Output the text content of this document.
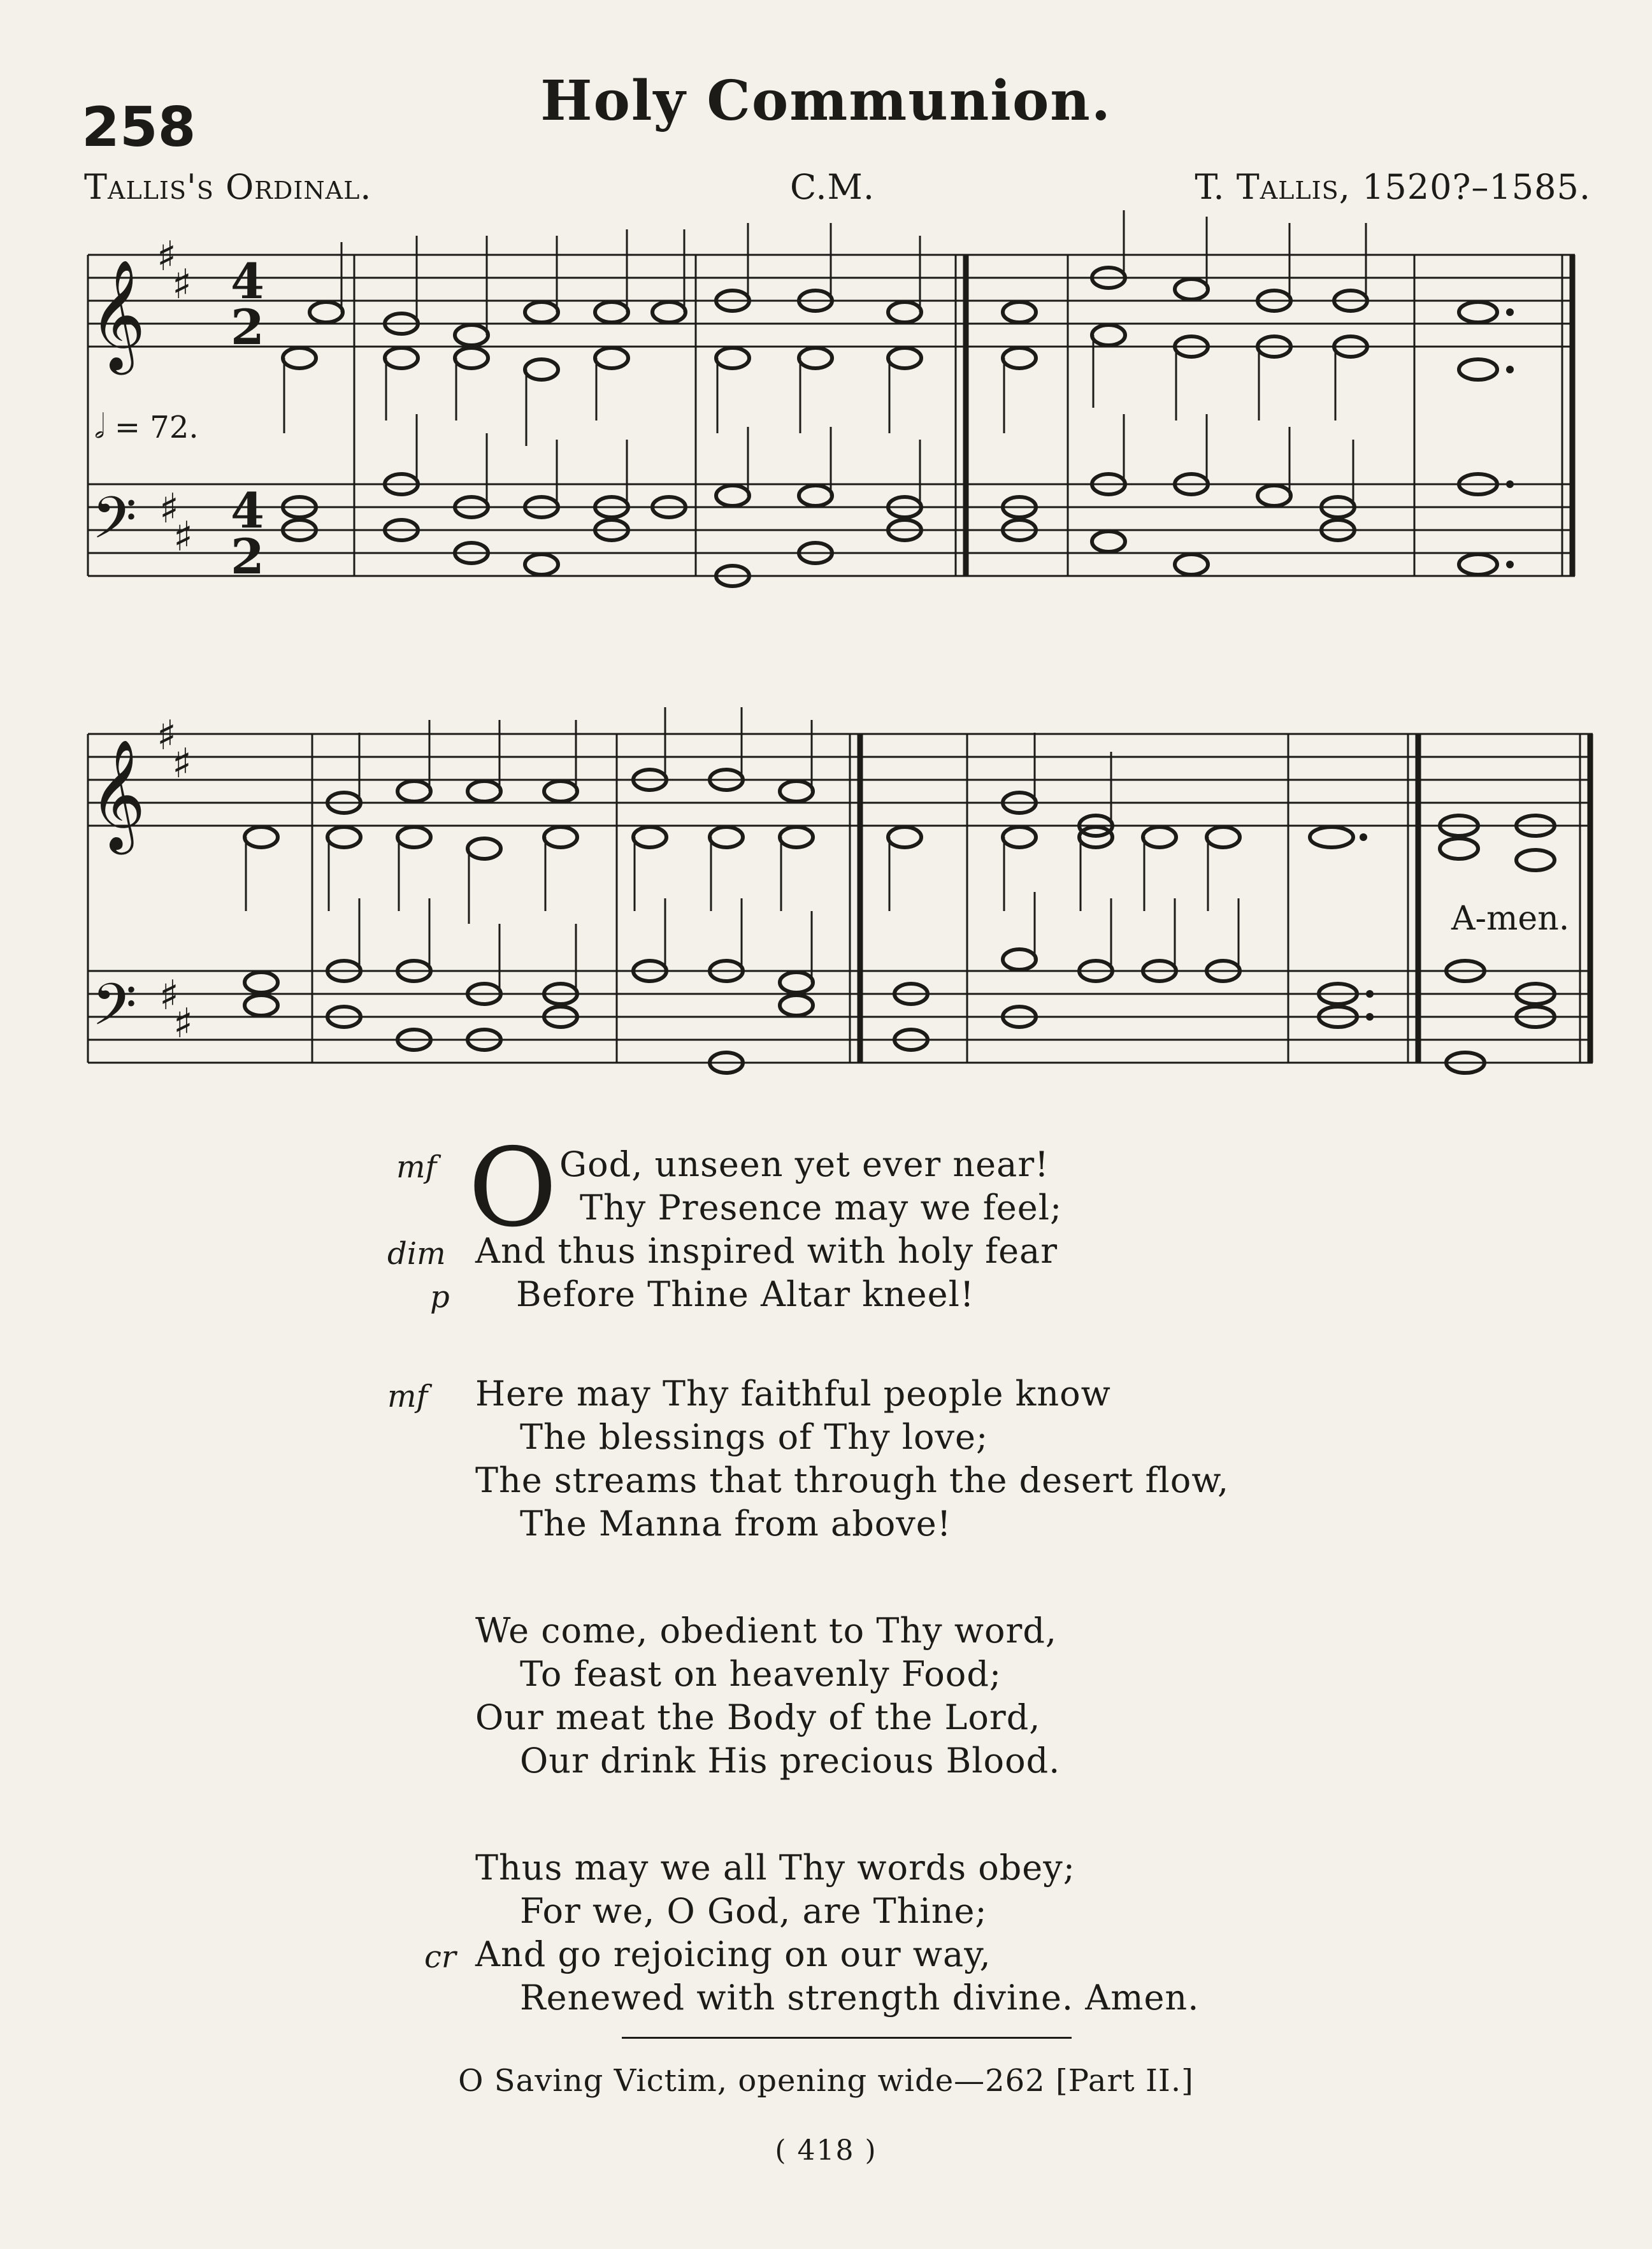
258	Holy Communion.
Tallis's Ordinal.	C.M.	T. Tallis, 1520?–1585.
𝄞
𝄞
𝄢
𝄢
♯
♯
♯
♯
♯
♯
♯
♯
4
2
4
2
𝅗𝅥 = 72.
A-men.
O
mf	God, unseen yet ever near!
Thy Presence may we feel;
dim And thus inspired with holy fear
p Before Thine Altar kneel!
mf Here may Thy faithful people know
The blessings of Thy love;
The streams that through the desert flow,
The Manna from above!
We come, obedient to Thy word,
To feast on heavenly Food;
Our meat the Body of the Lord,
Our drink His precious Blood.
Thus may we all Thy words obey;
For we, O God, are Thine;
cr And go rejoicing on our way,
Renewed with strength divine. Amen.
O Saving Victim, opening wide—262 [Part II.]
( 418 )
